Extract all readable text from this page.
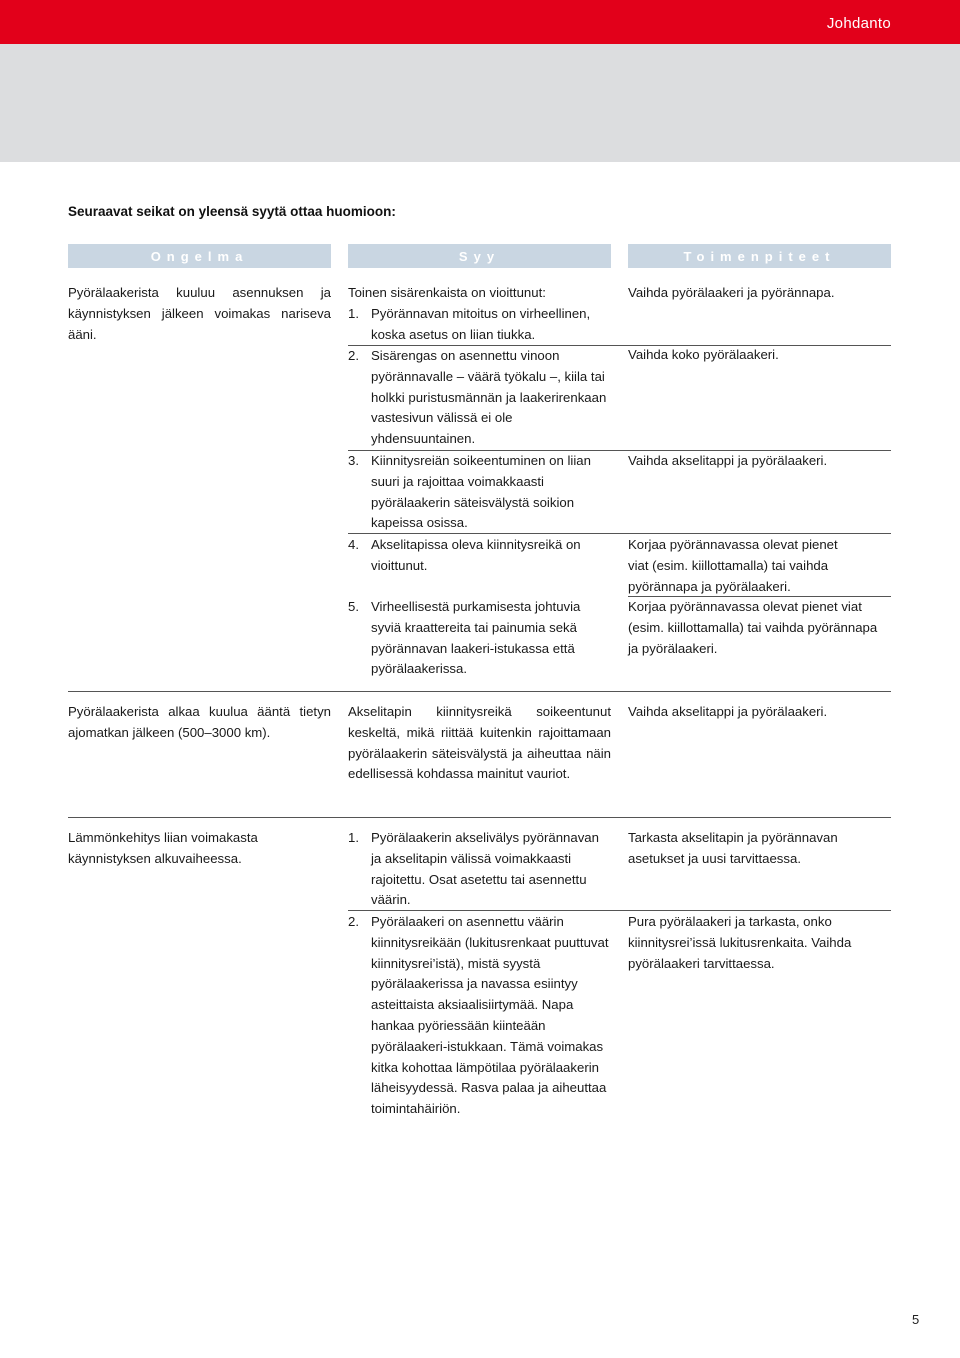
Johdanto
Seuraavat seikat on yleensä syytä ottaa huomioon:
Ongelma	Syy	Toimenpiteet
Pyörälaakerista kuuluu asennuksen ja käynnistyksen jälkeen voimakas nariseva ääni.
Toinen sisärenkaista on vioittunut:
1. Pyörännavan mitoitus on virheellinen, koska asetus on liian tiukka.
2. Sisärengas on asennettu vinoon pyörännavalle – väärä työkalu –, kiila tai holkki puristusmännän ja laakerirenkaan vastesivun välissä ei ole yhdensuuntainen.
3. Kiinnitysreiän soikeentuminen on liian suuri ja rajoittaa voimakkaasti pyörälaakerin säteisvälystä soikion kapeissa osissa.
4. Akselitapissa oleva kiinnitysreikä on vioittunut.
5. Virheellisestä purkamisesta johtuvia syviä kraattereita tai painumia sekä pyörännavan laakeri-istukassa että pyörälaakerissa.
Vaihda pyörälaakeri ja pyörännapa.
Vaihda koko pyörälaakeri.
Vaihda akselitappi ja pyörälaakeri.
Korjaa pyörännavassa olevat pienet viat (esim. kiillottamalla) tai vaihda pyörännapa ja pyörälaakeri.
Korjaa pyörännavassa olevat pienet viat (esim. kiillottamalla) tai vaihda pyörännapa ja pyörälaakeri.
Pyörälaakerista alkaa kuulua ääntä tietyn ajomatkan jälkeen (500–3000 km).
Akselitapin kiinnitysreikä soikeentunut keskeltä, mikä riittää kuitenkin rajoittamaan pyörälaakerin säteisvälystä ja aiheuttaa näin edellisessä kohdassa mainitut vauriot.
Vaihda akselitappi ja pyörälaakeri.
Lämmönkehitys liian voimakasta käynnistyksen alkuvaiheessa.
1. Pyörälaakerin akselivälys pyörännavan ja akselitapin välissä voimakkaasti rajoitettu. Osat asetettu tai asennettu väärin.
2. Pyörälaakeri on asennettu väärin kiinnitysreikään (lukitusrenkaat puuttuvat kiinnitysrei’istä), mistä syystä pyörälaakerissa ja navassa esiintyy asteittaista aksiaalisiirtymää. Napa hankaa pyöriessään kiinteään pyörälaakeri-istukkaan. Tämä voimakas kitka kohottaa lämpötilaa pyörälaakerin läheisyydessä. Rasva palaa ja aiheuttaa toimintahäiriön.
Tarkasta akselitapin ja pyörännavan asetukset ja uusi tarvittaessa.
Pura pyörälaakeri ja tarkasta, onko kiinnitysrei’issä lukitusrenkaita. Vaihda pyörälaakeri tarvittaessa.
5
